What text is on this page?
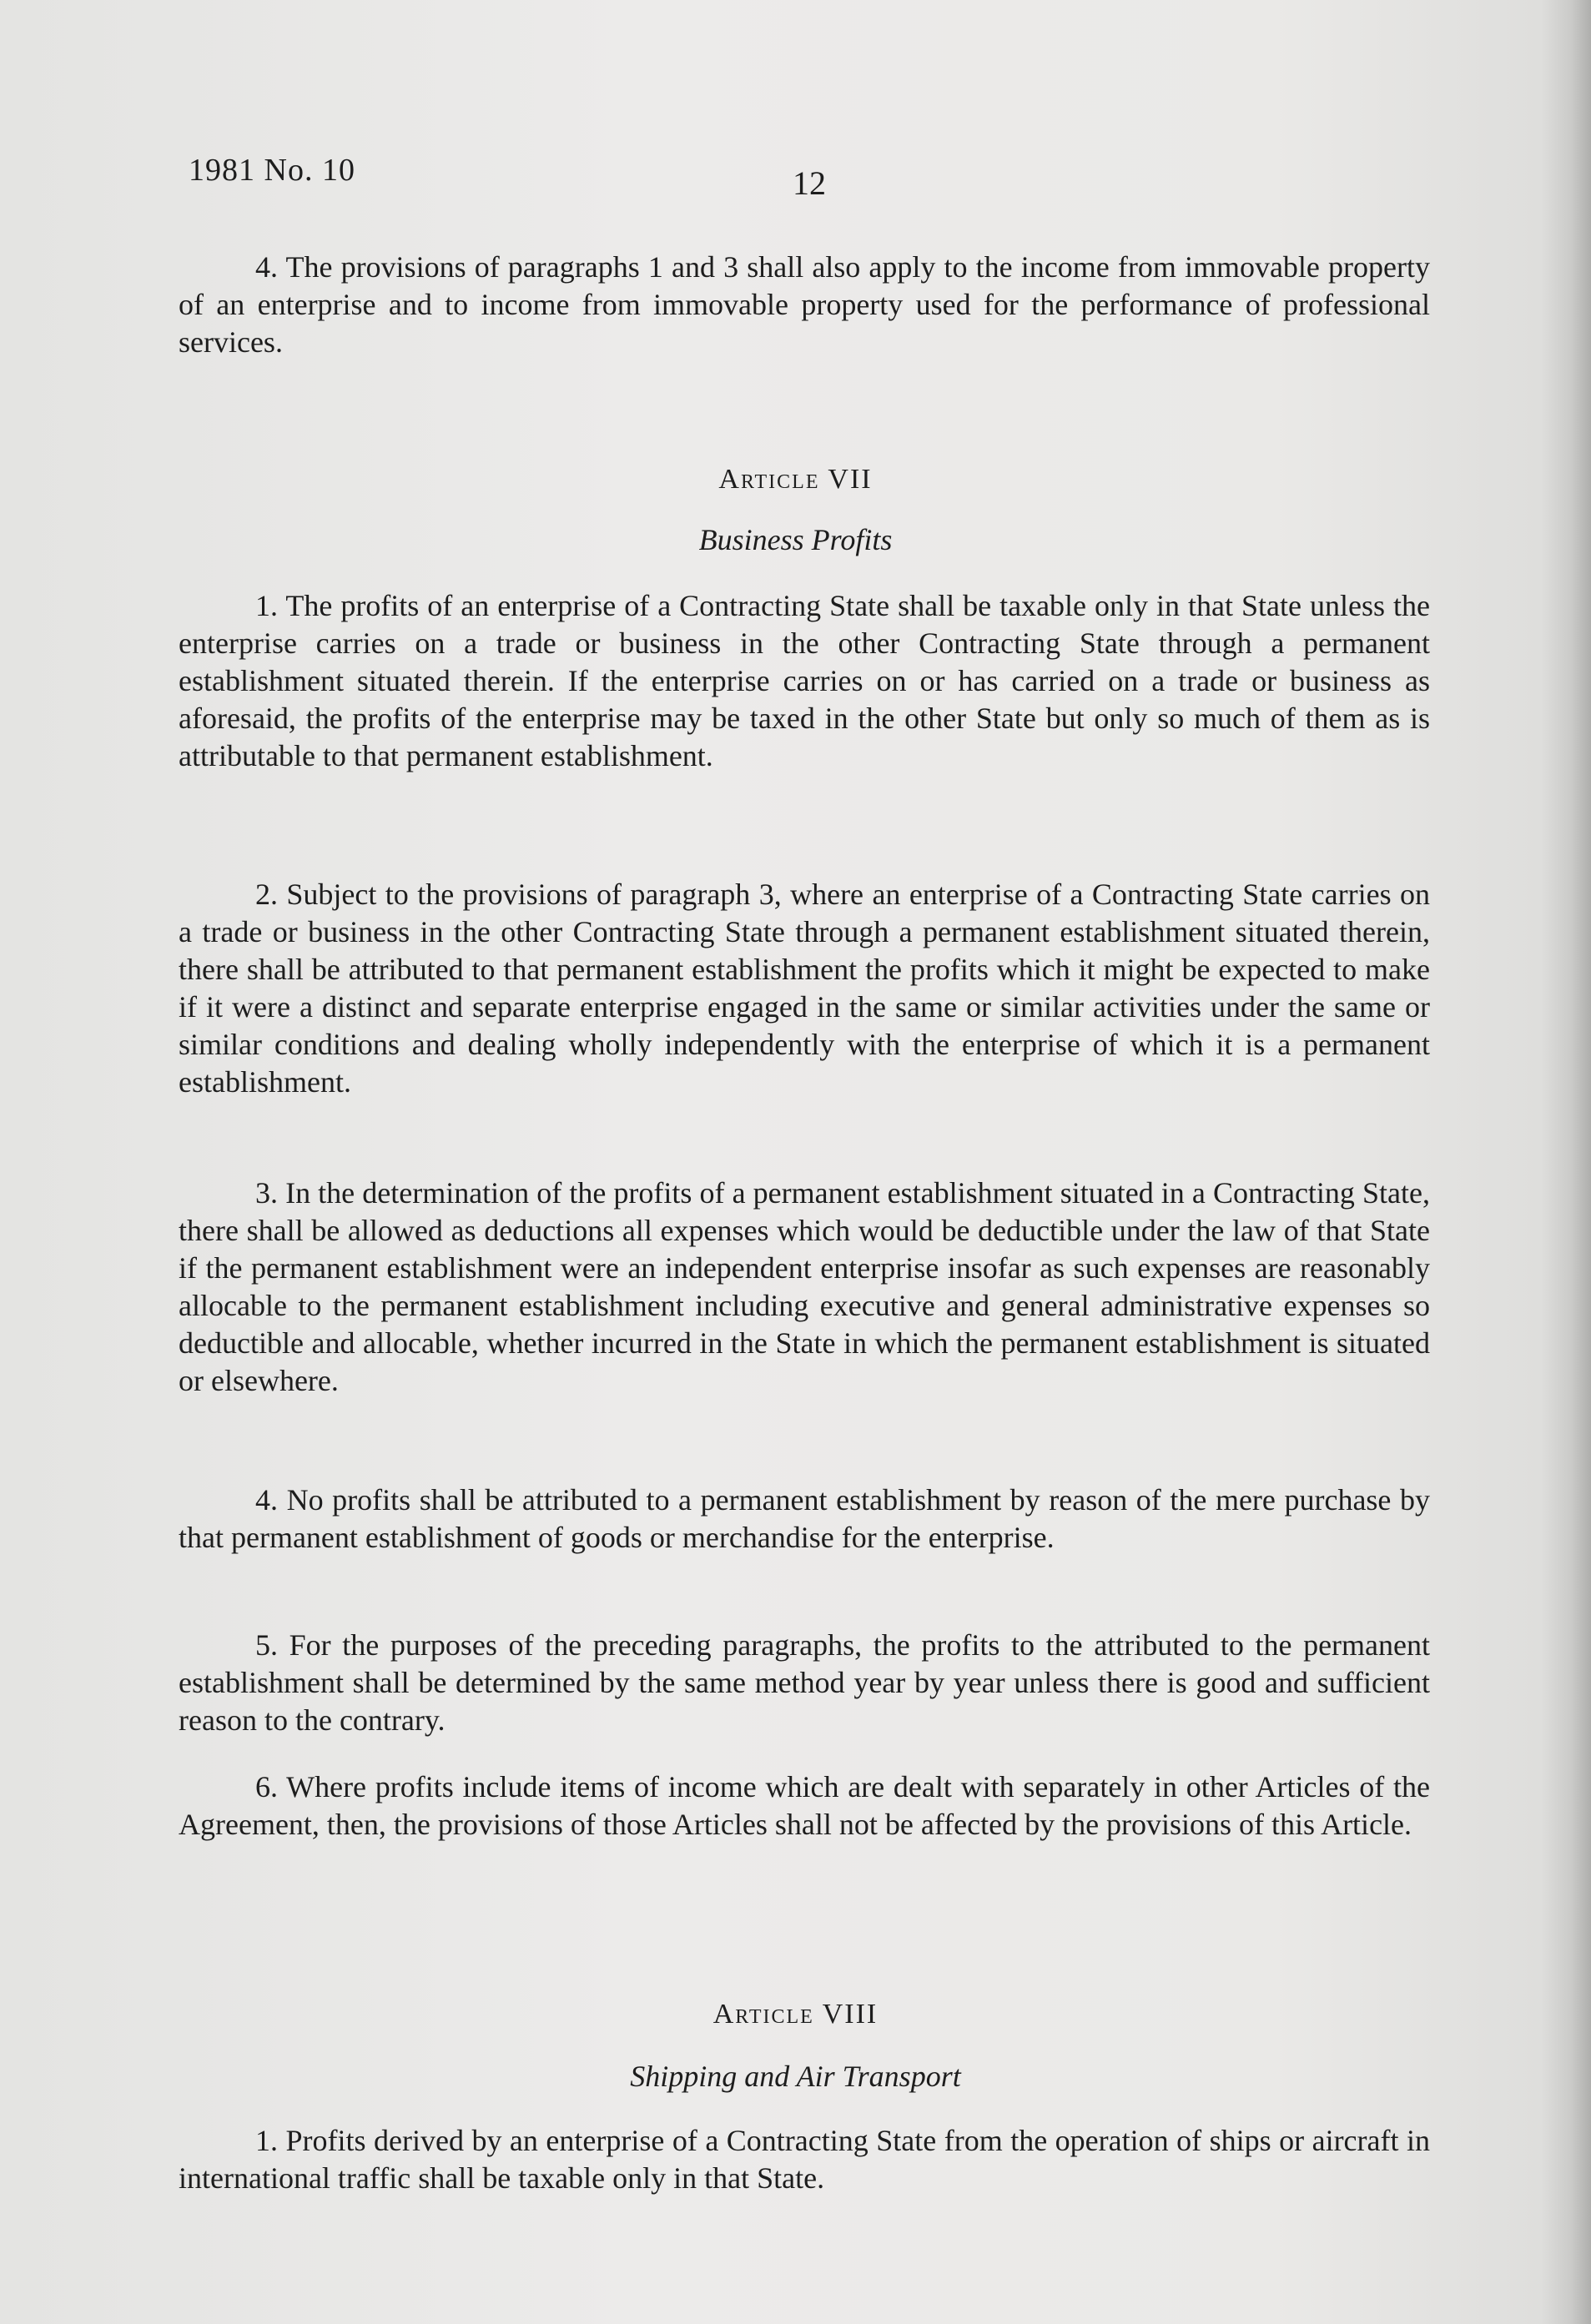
1981 No. 10	12

4. The provisions of paragraphs 1 and 3 shall also apply to the income from immovable property of an enterprise and to income from immovable property used for the performance of professional services.

Article VII
Business Profits

1. The profits of an enterprise of a Contracting State shall be taxable only in that State unless the enterprise carries on a trade or business in the other Contracting State through a permanent establishment situated therein. If the enterprise carries on or has carried on a trade or business as aforesaid, the profits of the enterprise may be taxed in the other State but only so much of them as is attributable to that permanent establishment.

2. Subject to the provisions of paragraph 3, where an enterprise of a Contracting State carries on a trade or business in the other Contracting State through a permanent establishment situated therein, there shall be attributed to that permanent establishment the profits which it might be expected to make if it were a distinct and separate enterprise engaged in the same or similar activities under the same or similar conditions and dealing wholly independently with the enterprise of which it is a permanent establishment.

3. In the determination of the profits of a permanent establishment situated in a Contracting State, there shall be allowed as deductions all expenses which would be deductible under the law of that State if the permanent establishment were an independent enterprise insofar as such expenses are reasonably allocable to the permanent establishment including executive and general administrative expenses so deductible and allocable, whether incurred in the State in which the permanent establishment is situated or elsewhere.

4. No profits shall be attributed to a permanent establishment by reason of the mere purchase by that permanent establishment of goods or merchandise for the enterprise.

5. For the purposes of the preceding paragraphs, the profits to the attributed to the permanent establishment shall be determined by the same method year by year unless there is good and sufficient reason to the contrary.

6. Where profits include items of income which are dealt with separately in other Articles of the Agreement, then, the provisions of those Articles shall not be affected by the provisions of this Article.

Article VIII
Shipping and Air Transport

1. Profits derived by an enterprise of a Contracting State from the operation of ships or aircraft in international traffic shall be taxable only in that State.
